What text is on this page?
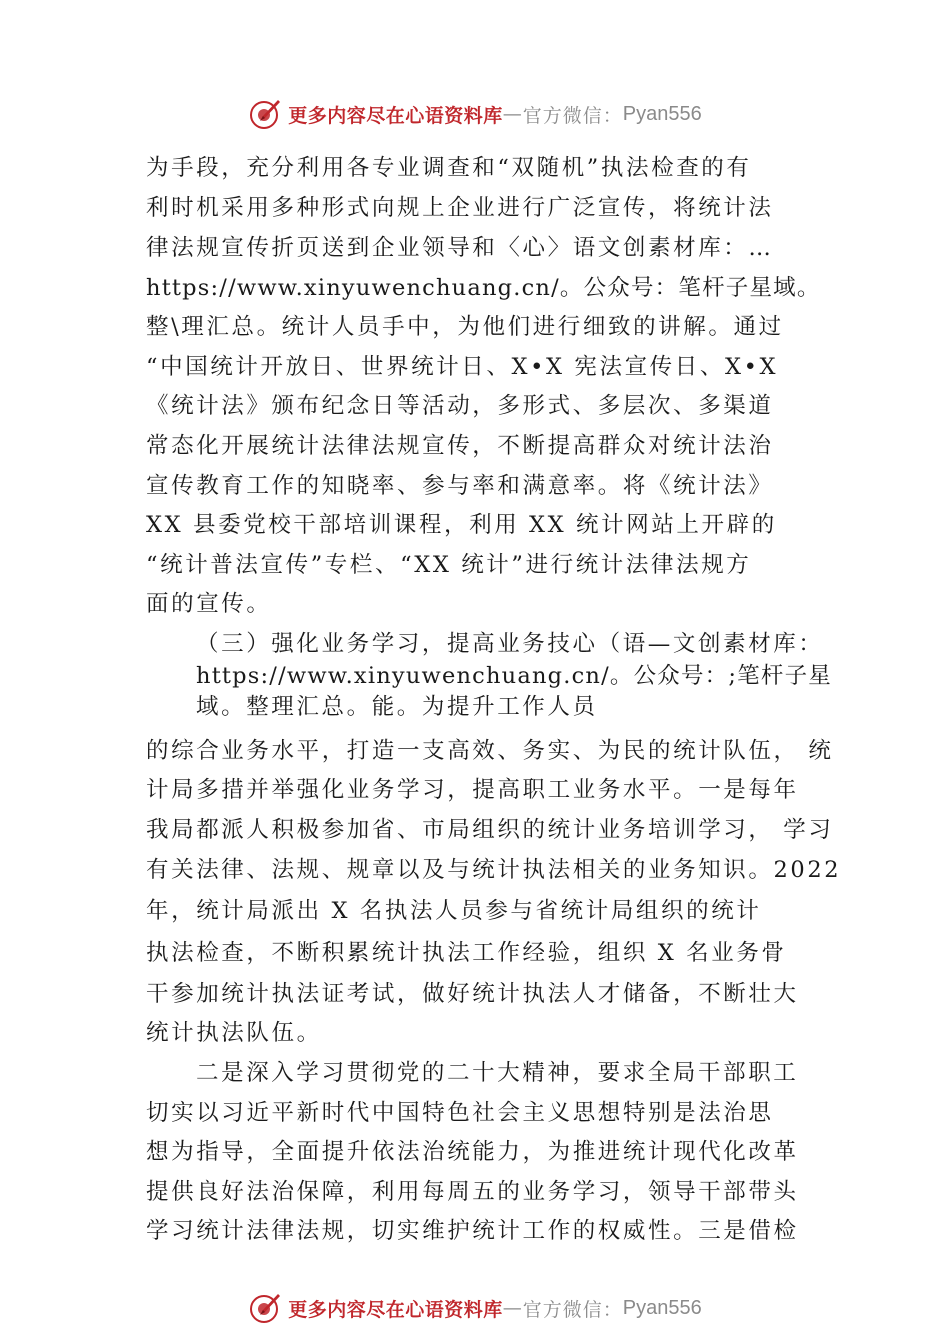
更多内容尽在心语资料库 — 官方微信： Pyan556

为手段，充分利用各专业调查和“双随机”执法检查的有

利时机采用多种形式向规上企业进行广泛宣传，将统计法

律法规宣传折页送到企业领导和〈心〉语文创素材库：…

https://www.xinyuwenchuang.cn/。公众号：笔杆子星域。

整\理汇总。统计人员手中，为他们进行细致的讲解。通过

“中国统计开放日、世界统计日、X•X 宪法宣传日、X•X

《统计法》颁布纪念日等活动，多形式、多层次、多渠道

常态化开展统计法律法规宣传，不断提高群众对统计法治

宣传教育工作的知晓率、参与率和满意率。将《统计法》

XX 县委党校干部培训课程，利用 XX 统计网站上开辟的

“统计普法宣传”专栏、“XX 统计”进行统计法律法规方

面的宣传。

（三）强化业务学习，提高业务技心（语—文创素材库：

https://www.xinyuwenchuang.cn/。公众号：;笔杆子星

域。整理汇总。能。为提升工作人员

的综合业务水平，打造一支高效、务实、为民的统计队伍， 统

计局多措并举强化业务学习，提高职工业务水平。一是每年

我局都派人积极参加省、市局组织的统计业务培训学习， 学习

有关法律、法规、规章以及与统计执法相关的业务知识。2022

年，统计局派出 X 名执法人员参与省统计局组织的统计

执法检查，不断积累统计执法工作经验，组织 X 名业务骨

干参加统计执法证考试，做好统计执法人才储备，不断壮大

统计执法队伍。

二是深入学习贯彻党的二十大精神，要求全局干部职工

切实以习近平新时代中国特色社会主义思想特别是法治思

想为指导，全面提升依法治统能力，为推进统计现代化改革

提供良好法治保障，利用每周五的业务学习，领导干部带头

学习统计法律法规，切实维护统计工作的权威性。三是借检

更多内容尽在心语资料库 — 官方微信： Pyan556
